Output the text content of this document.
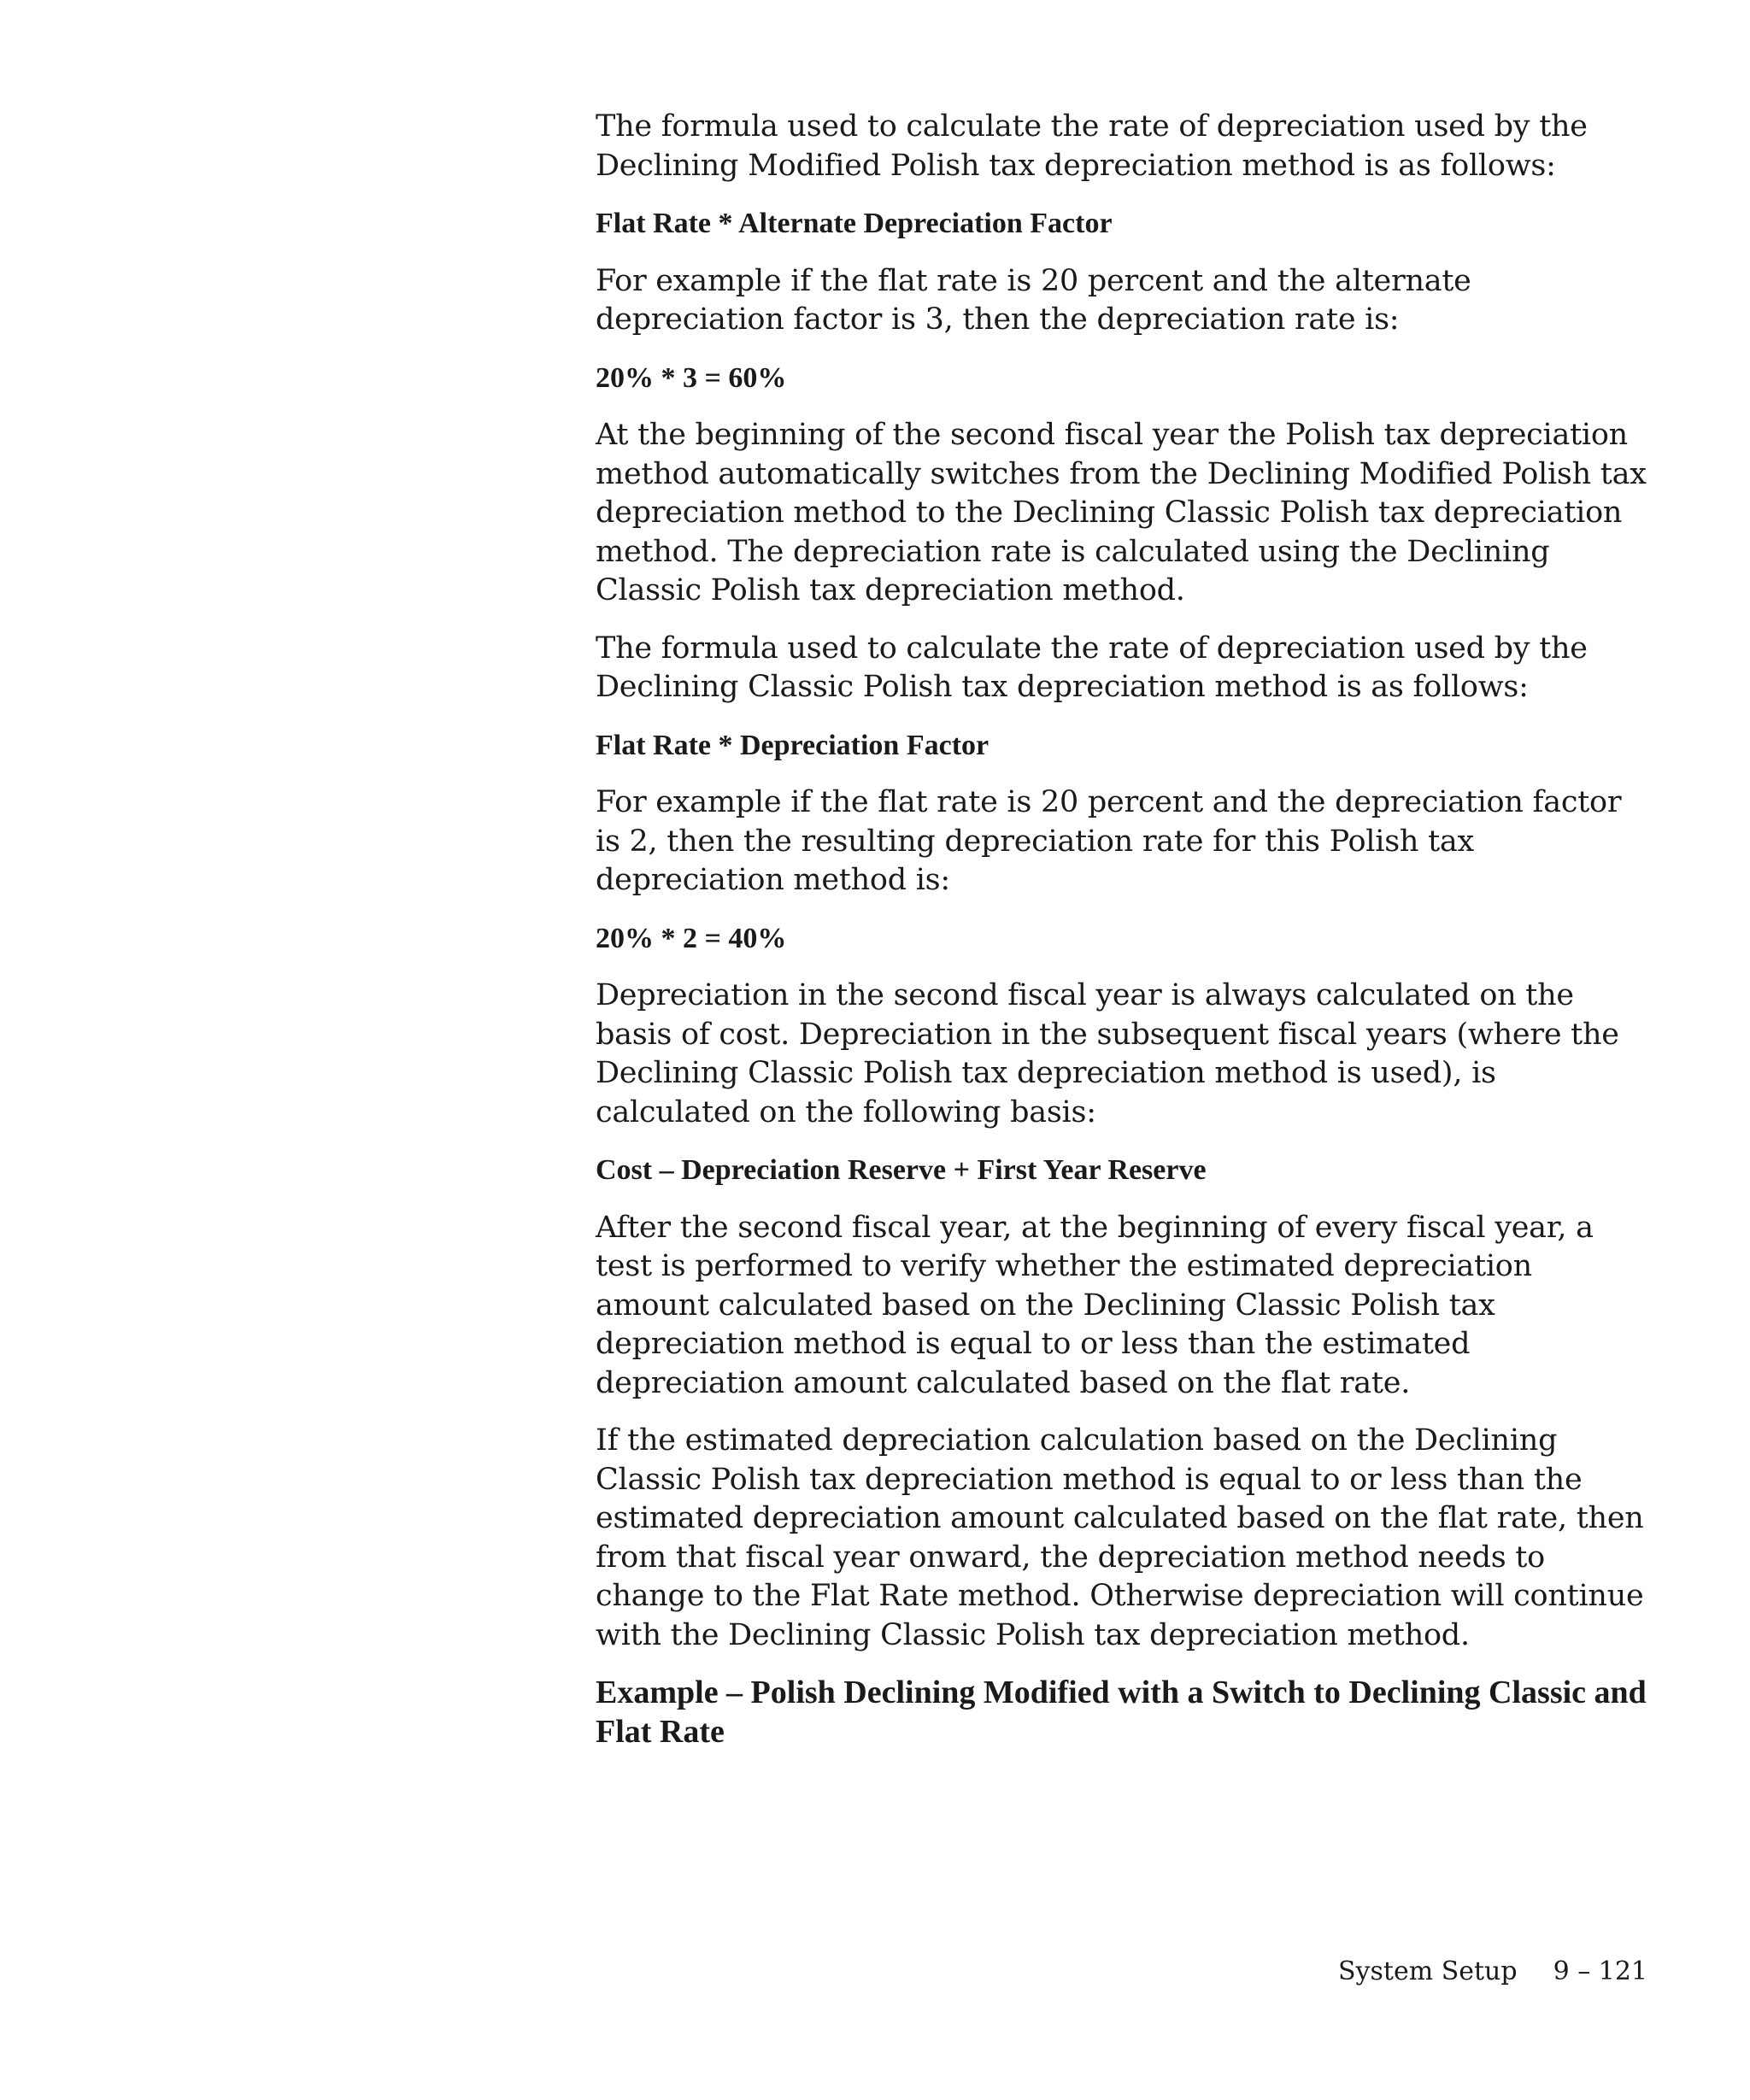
The formula used to calculate the rate of depreciation used by the Declining Modified Polish tax depreciation method is as follows:

Flat Rate * Alternate Depreciation Factor

For example if the flat rate is 20 percent and the alternate depreciation factor is 3, then the depreciation rate is:

20% * 3 = 60%

At the beginning of the second fiscal year the Polish tax depreciation method automatically switches from the Declining Modified Polish tax depreciation method to the Declining Classic Polish tax depreciation method. The depreciation rate is calculated using the Declining Classic Polish tax depreciation method.

The formula used to calculate the rate of depreciation used by the Declining Classic Polish tax depreciation method is as follows:

Flat Rate * Depreciation Factor

For example if the flat rate is 20 percent and the depreciation factor is 2, then the resulting depreciation rate for this Polish tax depreciation method is:

20% * 2 = 40%

Depreciation in the second fiscal year is always calculated on the basis of cost. Depreciation in the subsequent fiscal years (where the Declining Classic Polish tax depreciation method is used), is calculated on the following basis:

Cost – Depreciation Reserve + First Year Reserve

After the second fiscal year, at the beginning of every fiscal year, a test is performed to verify whether the estimated depreciation amount calculated based on the Declining Classic Polish tax depreciation method is equal to or less than the estimated depreciation amount calculated based on the flat rate.

If the estimated depreciation calculation based on the Declining Classic Polish tax depreciation method is equal to or less than the estimated depreciation amount calculated based on the flat rate, then from that fiscal year onward, the depreciation method needs to change to the Flat Rate method. Otherwise depreciation will continue with the Declining Classic Polish tax depreciation method.

Example – Polish Declining Modified with a Switch to Declining Classic and Flat Rate
System Setup 9 – 121
